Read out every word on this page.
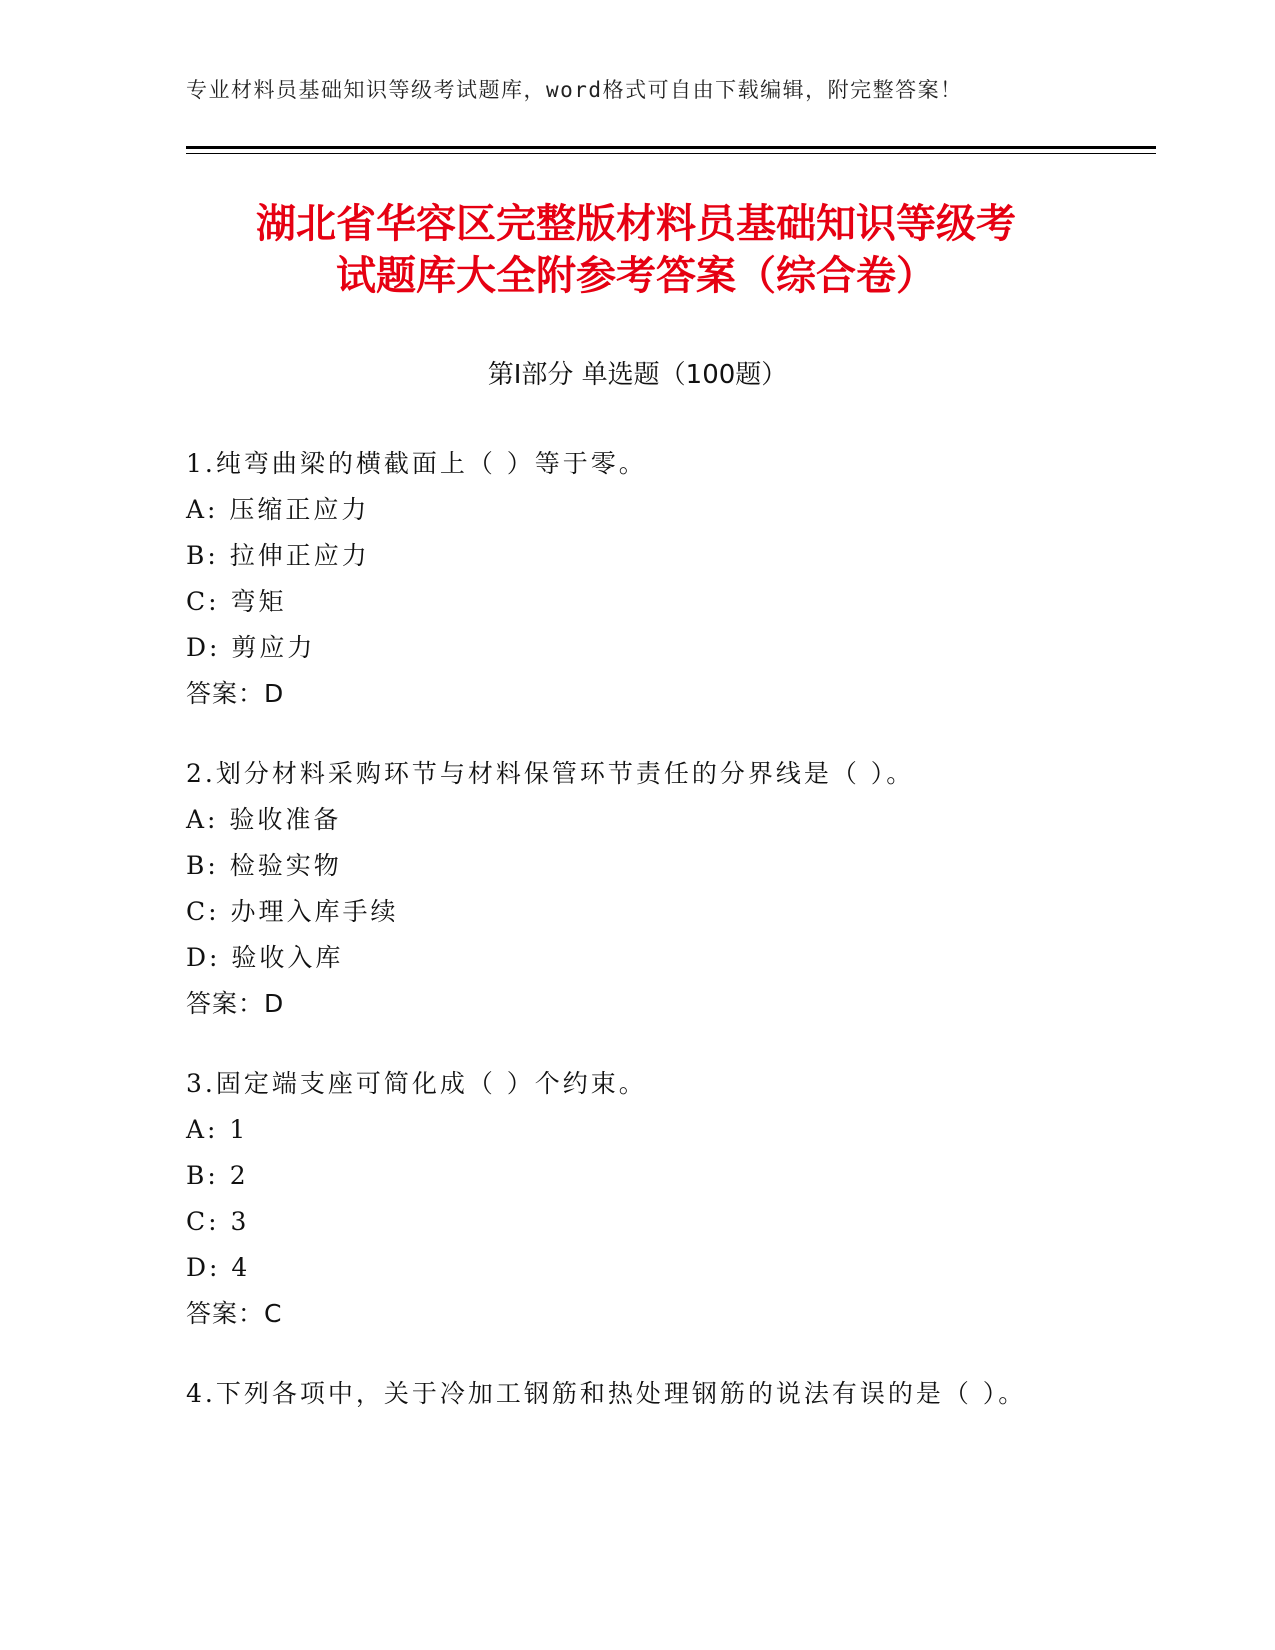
专业材料员基础知识等级考试题库，word格式可自由下载编辑，附完整答案！
湖北省华容区完整版材料员基础知识等级考
试题库大全附参考答案（综合卷）
第Ⅰ部分 单选题（100题）
1.纯弯曲梁的横截面上（ ）等于零。
A: 压缩正应力
B: 拉伸正应力
C: 弯矩
D: 剪应力
答案：D
2.划分材料采购环节与材料保管环节责任的分界线是（ ）。
A: 验收准备
B: 检验实物
C: 办理入库手续
D: 验收入库
答案：D
3.固定端支座可简化成（ ）个约束。
A: 1
B: 2
C: 3
D: 4
答案：C
4.下列各项中，关于冷加工钢筋和热处理钢筋的说法有误的是（ ）。
